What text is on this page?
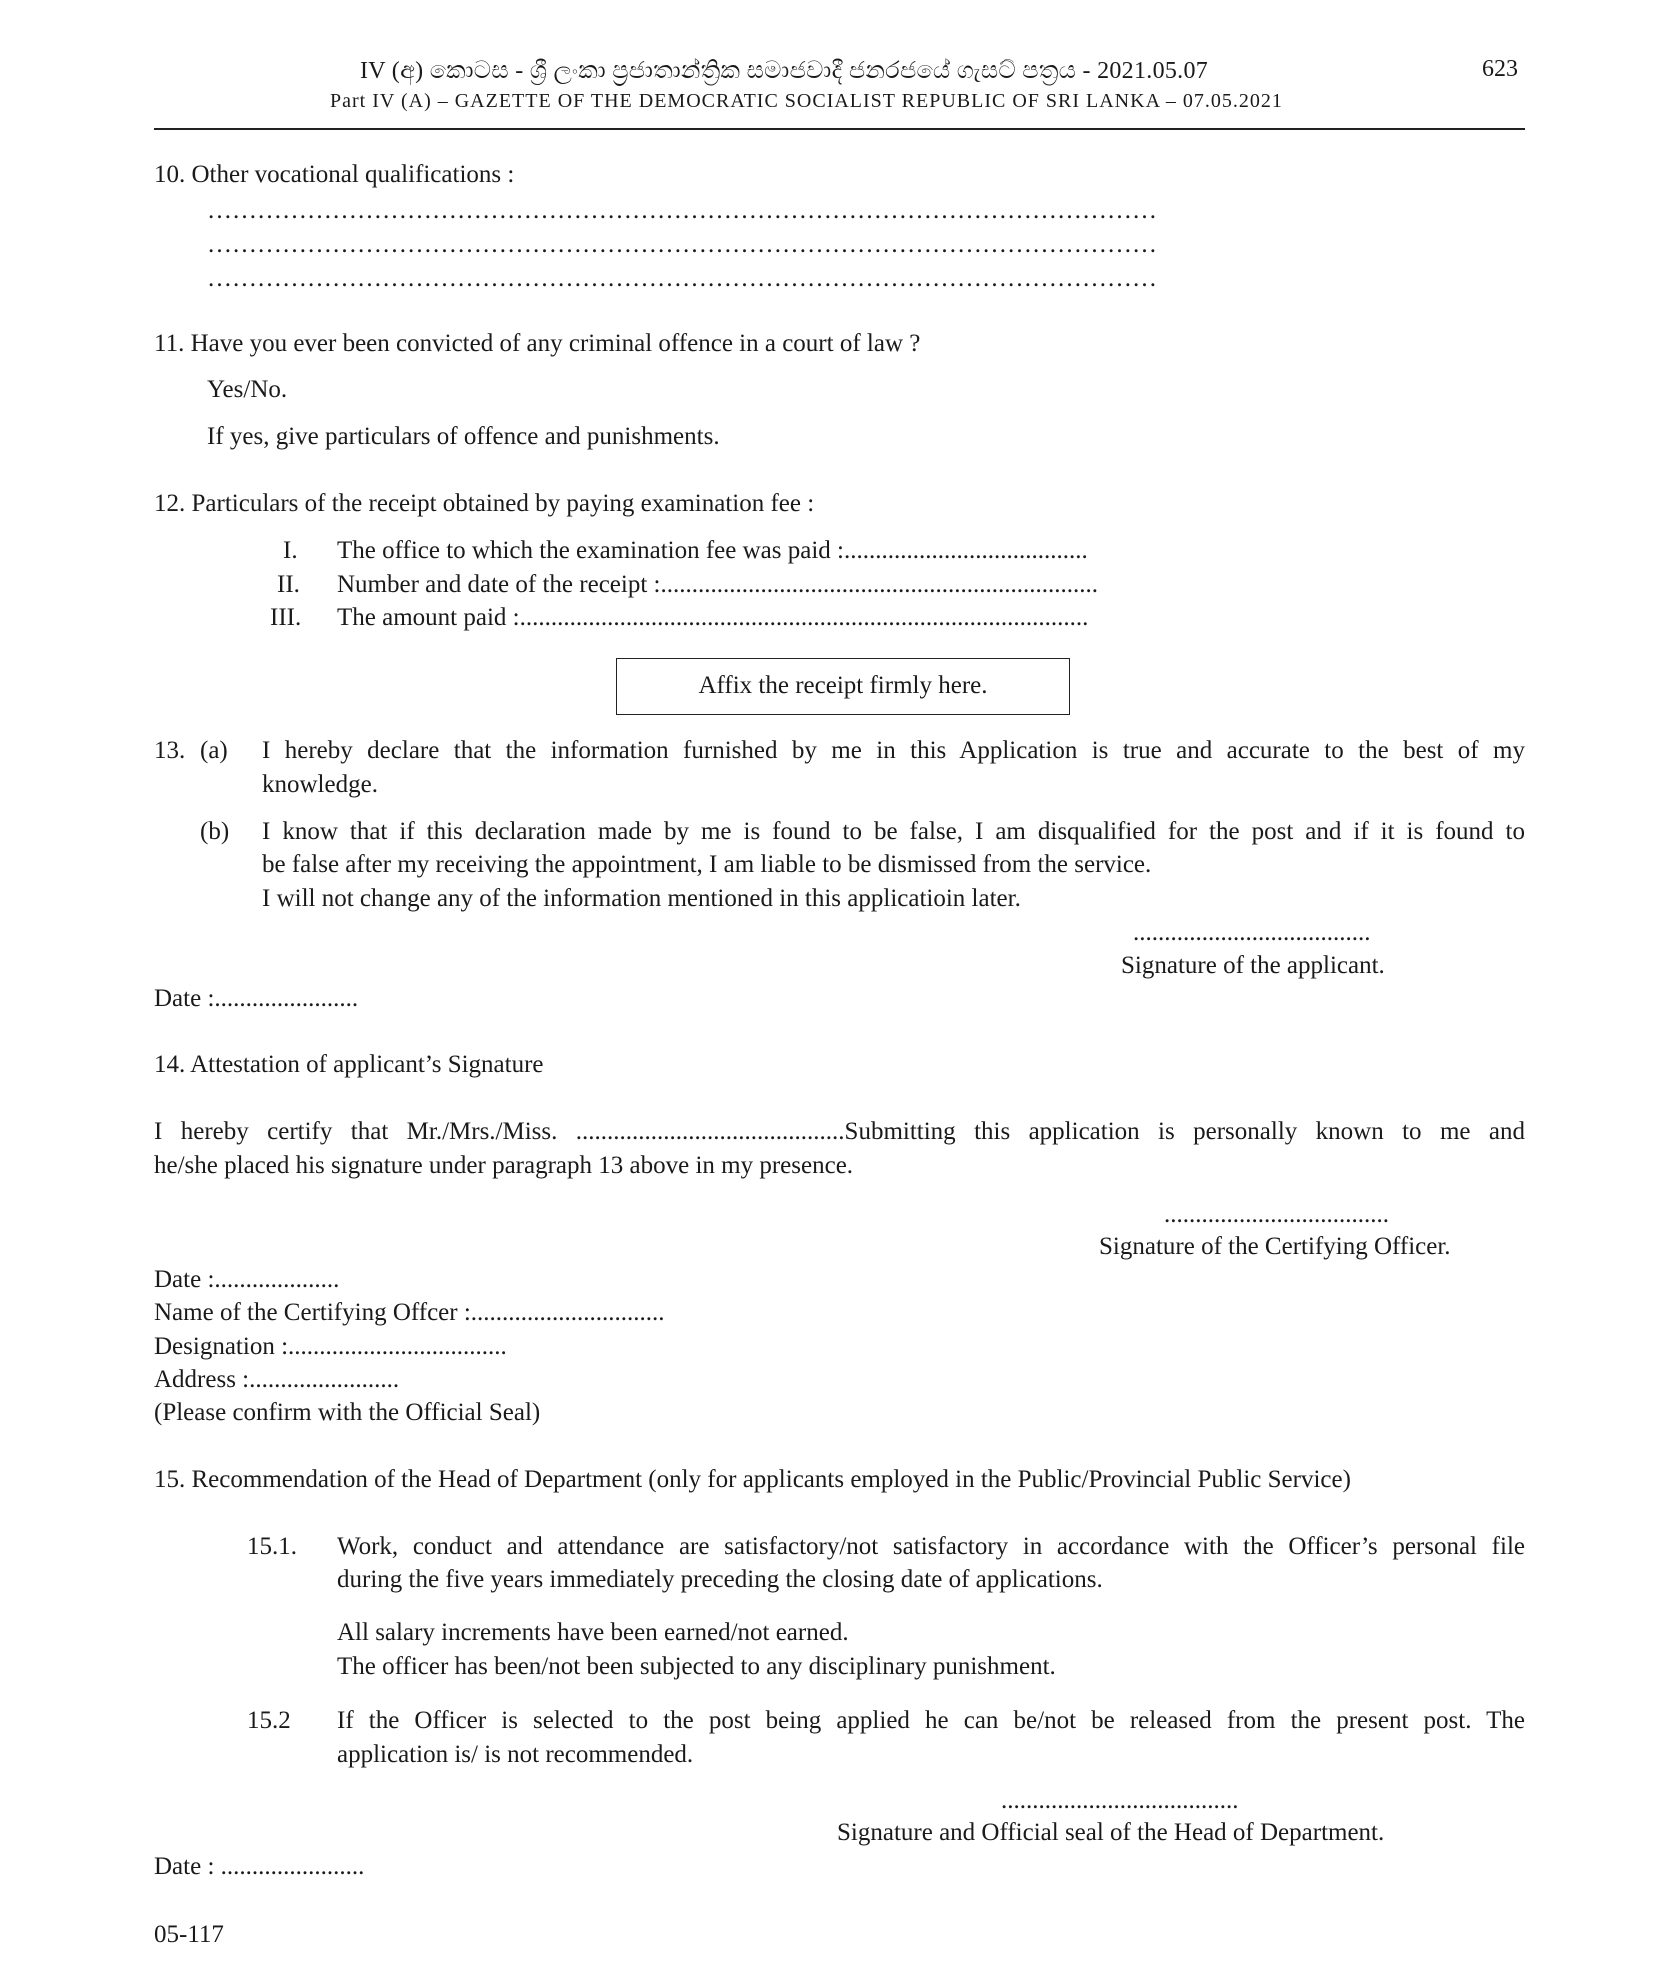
IV (අ) කොටස - ශ්‍රී ලංකා ප්‍රජාතාන්ත්‍රික සමාජවාදී ජනරජයේ ගැසට් පත්‍රය - 2021.05.07
Part IV (A) – GAZETTE OF THE DEMOCRATIC SOCIALIST REPUBLIC OF SRI LANKA – 07.05.2021
623
10. Other vocational qualifications :
……………………………………………………………………………………………………
……………………………………………………………………………………………………
……………………………………………………………………………………………………
11. Have you ever been convicted of any criminal offence in a court of law ?
Yes/No.
If yes, give particulars of offence and punishments.
12. Particulars of the receipt obtained by paying examination fee :
I. The office to which the examination fee was paid :.......................................
II. Number and date of the receipt :......................................................................
III. The amount paid :...........................................................................................
Affix the receipt firmly here.
13. (a) I hereby declare that the information furnished by me in this Application is true and accurate to the best of my
knowledge.
(b) I know that if this declaration made by me is found to be false, I am disqualified for the post and if it is found to
be false after my receiving the appointment, I am liable to be dismissed from the service.
I will not change any of the information mentioned in this applicatioin later.
......................................
Signature of the applicant.
Date :.......................
14. Attestation of applicant’s Signature
I hereby certify that Mr./Mrs./Miss. ...........................................Submitting this application is personally known to me and
he/she placed his signature under paragraph 13 above in my presence.
....................................
Signature of the Certifying Officer.
Date :....................
Name of the Certifying Offcer :...............................
Designation :...................................
Address :........................
(Please confirm with the Official Seal)
15. Recommendation of the Head of Department (only for applicants employed in the Public/Provincial Public Service)
15.1. Work, conduct and attendance are satisfactory/not satisfactory in accordance with the Officer’s personal file
during the five years immediately preceding the closing date of applications.
All salary increments have been earned/not earned.
The officer has been/not been subjected to any disciplinary punishment.
15.2 If the Officer is selected to the post being applied he can be/not be released from the present post. The
application is/ is not recommended.
......................................
Signature and Official seal of the Head of Department.
Date : .......................
05-117
